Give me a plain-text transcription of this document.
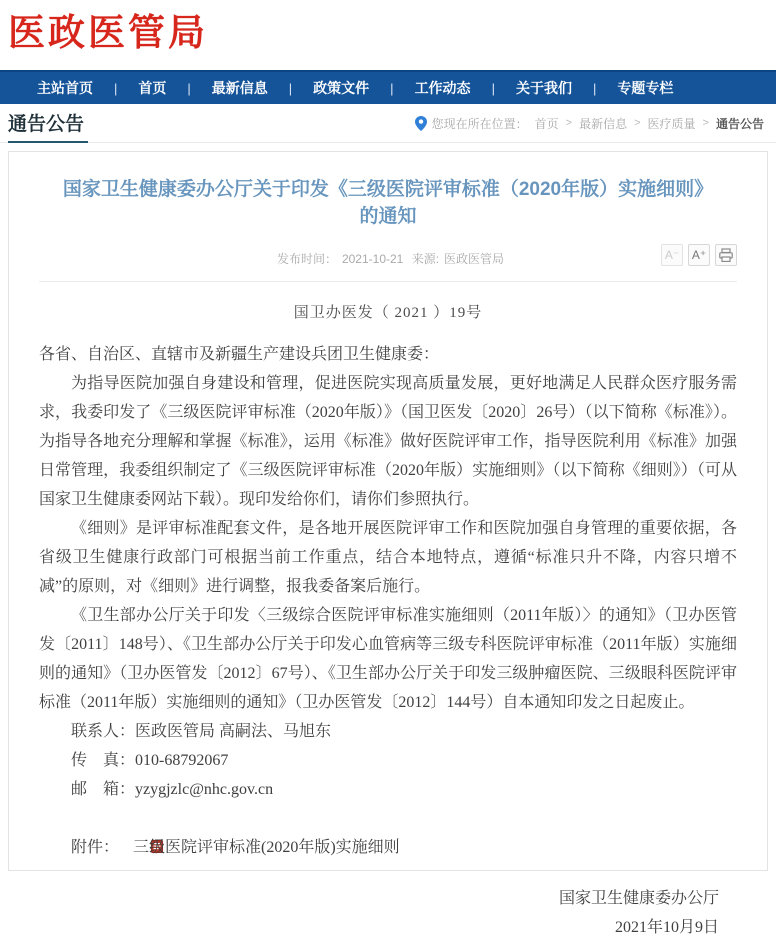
医政医管局
主站首页	|	首页	|	最新信息	|	政策文件	|	工作动态	|	关于我们	|	专题专栏
通告公告	您现在所在位置： 首页 > 最新信息 > 医疗质量 > 通告公告
国家卫生健康委办公厅关于印发《三级医院评审标准（2020年版）实施细则》的通知
发布时间： 2021-10-21 来源: 医政医管局	A⁻	A⁺
国卫办医发（ 2021 ）19号

各省、自治区、直辖市及新疆生产建设兵团卫生健康委：

为指导医院加强自身建设和管理，促进医院实现高质量发展，更好地满足人民群众医疗服务需求，我委印发了《三级医院评审标准（2020年版）》（国卫医发〔2020〕26号）（以下简称《标准》）。为指导各地充分理解和掌握《标准》，运用《标准》做好医院评审工作，指导医院利用《标准》加强日常管理，我委组织制定了《三级医院评审标准（2020年版）实施细则》（以下简称《细则》）（可从国家卫生健康委网站下载）。现印发给你们，请你们参照执行。

《细则》是评审标准配套文件，是各地开展医院评审工作和医院加强自身管理的重要依据，各省级卫生健康行政部门可根据当前工作重点，结合本地特点，遵循“标准只升不降，内容只增不减”的原则，对《细则》进行调整，报我委备案后施行。

《卫生部办公厅关于印发〈三级综合医院评审标准实施细则（2011年版）〉的通知》（卫办医管发〔2011〕148号）、《卫生部办公厅关于印发心血管病等三级专科医院评审标准（2011年版）实施细则的通知》（卫办医管发〔2012〕67号）、《卫生部办公厅关于印发三级肿瘤医院、三级眼科医院评审标准（2011年版）实施细则的通知》（卫办医管发〔2012〕144号）自本通知印发之日起废止。

联系人：医政医管局 高嗣法、马旭东

传　真：010-68792067

邮　箱：yzygjzlc@nhc.gov.cn

附件： 三级医院评审标准(2020年版)实施细则

国家卫生健康委办公厅
2021年10月9日
